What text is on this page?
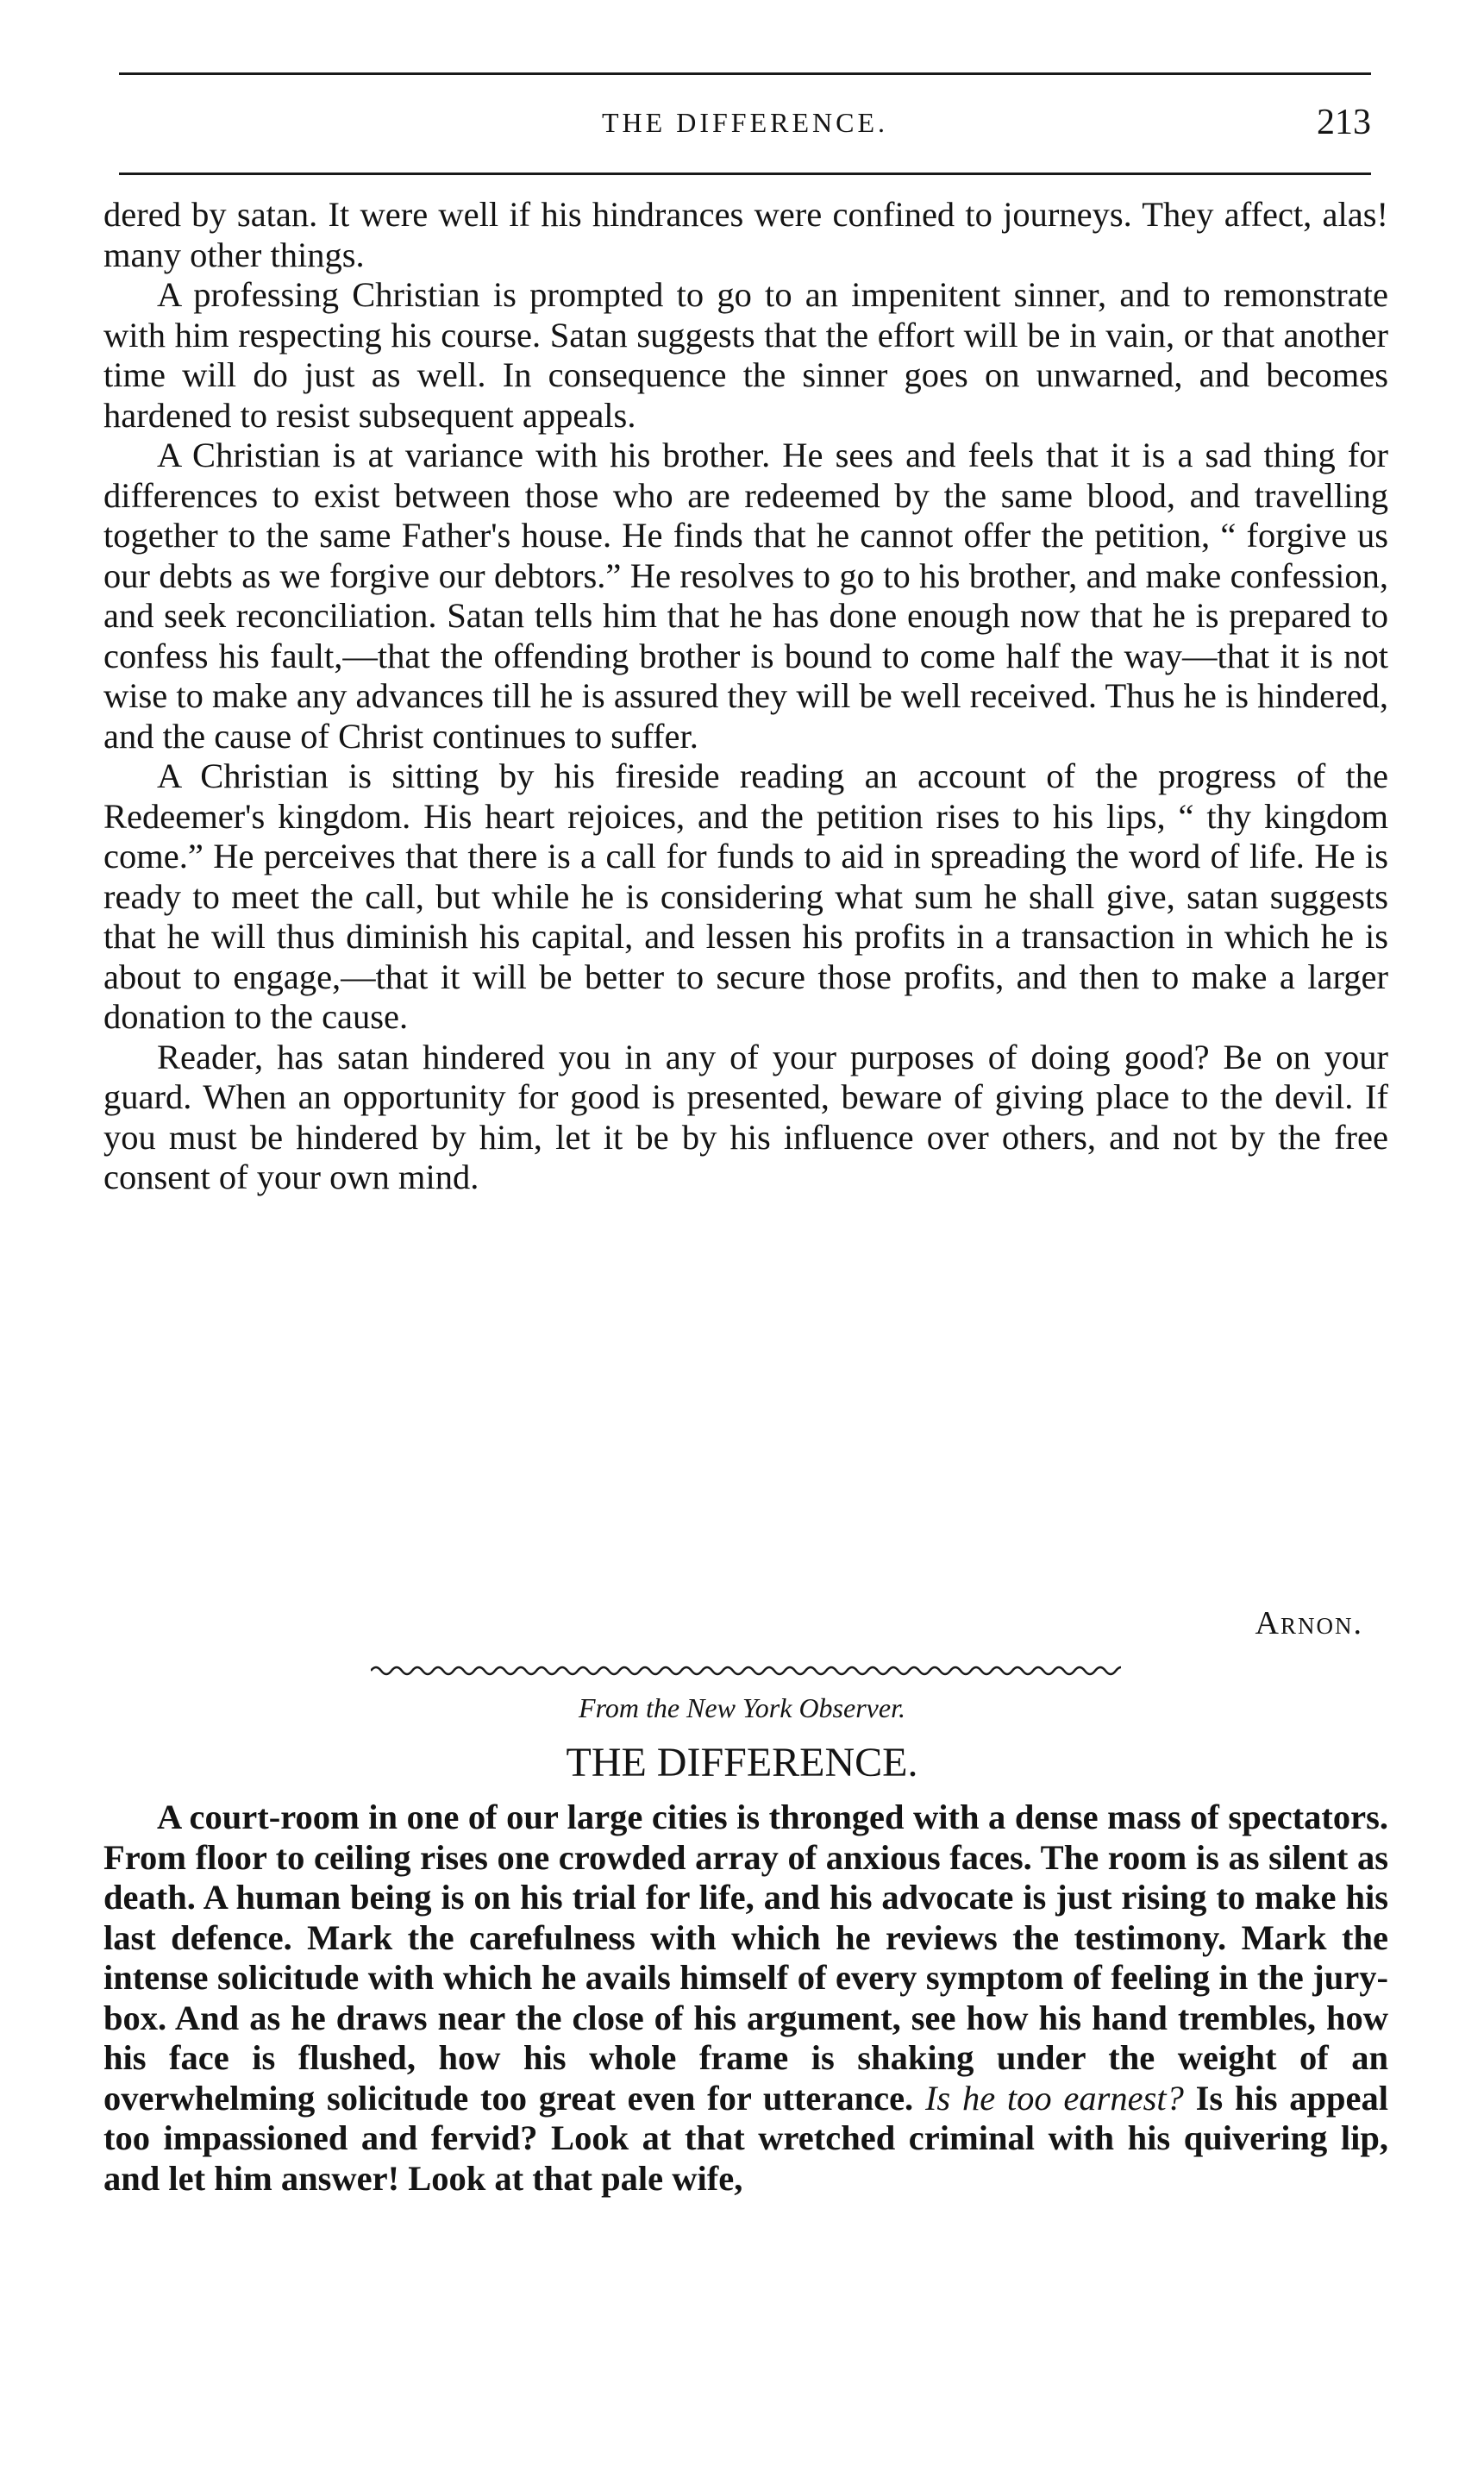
THE DIFFERENCE.	213

dered by satan. It were well if his hindrances were confined to journeys. They affect, alas! many other things.

A professing Christian is prompted to go to an impenitent sinner, and to remonstrate with him respecting his course. Satan suggests that the effort will be in vain, or that another time will do just as well. In consequence the sinner goes on unwarned, and becomes hardened to resist subsequent appeals.

A Christian is at variance with his brother. He sees and feels that it is a sad thing for differences to exist between those who are redeemed by the same blood, and travelling together to the same Father's house. He finds that he cannot offer the petition, “ forgive us our debts as we forgive our debtors.” He resolves to go to his brother, and make confession, and seek reconciliation. Satan tells him that he has done enough now that he is prepared to confess his fault,—that the offending brother is bound to come half the way—that it is not wise to make any advances till he is assured they will be well received. Thus he is hindered, and the cause of Christ continues to suffer.

A Christian is sitting by his fireside reading an account of the progress of the Redeemer's kingdom. His heart rejoices, and the petition rises to his lips, “ thy kingdom come.” He perceives that there is a call for funds to aid in spreading the word of life. He is ready to meet the call, but while he is considering what sum he shall give, satan suggests that he will thus diminish his capital, and lessen his profits in a transaction in which he is about to engage,—that it will be better to secure those profits, and then to make a larger donation to the cause.

Reader, has satan hindered you in any of your purposes of doing good? Be on your guard. When an opportunity for good is presented, beware of giving place to the devil. If you must be hindered by him, let it be by his influence over others, and not by the free consent of your own mind.

Arnon.
From the New York Observer.
THE DIFFERENCE.

A court-room in one of our large cities is thronged with a dense mass of spectators. From floor to ceiling rises one crowded array of anxious faces. The room is as silent as death. A human being is on his trial for life, and his advocate is just rising to make his last defence. Mark the carefulness with which he reviews the testimony. Mark the intense solicitude with which he avails himself of every symptom of feeling in the jury-box. And as he draws near the close of his argument, see how his hand trembles, how his face is flushed, how his whole frame is shaking under the weight of an overwhelming solicitude too great even for utterance. Is he too earnest? Is his appeal too impassioned and fervid? Look at that wretched criminal with his quivering lip, and let him answer! Look at that pale wife,
